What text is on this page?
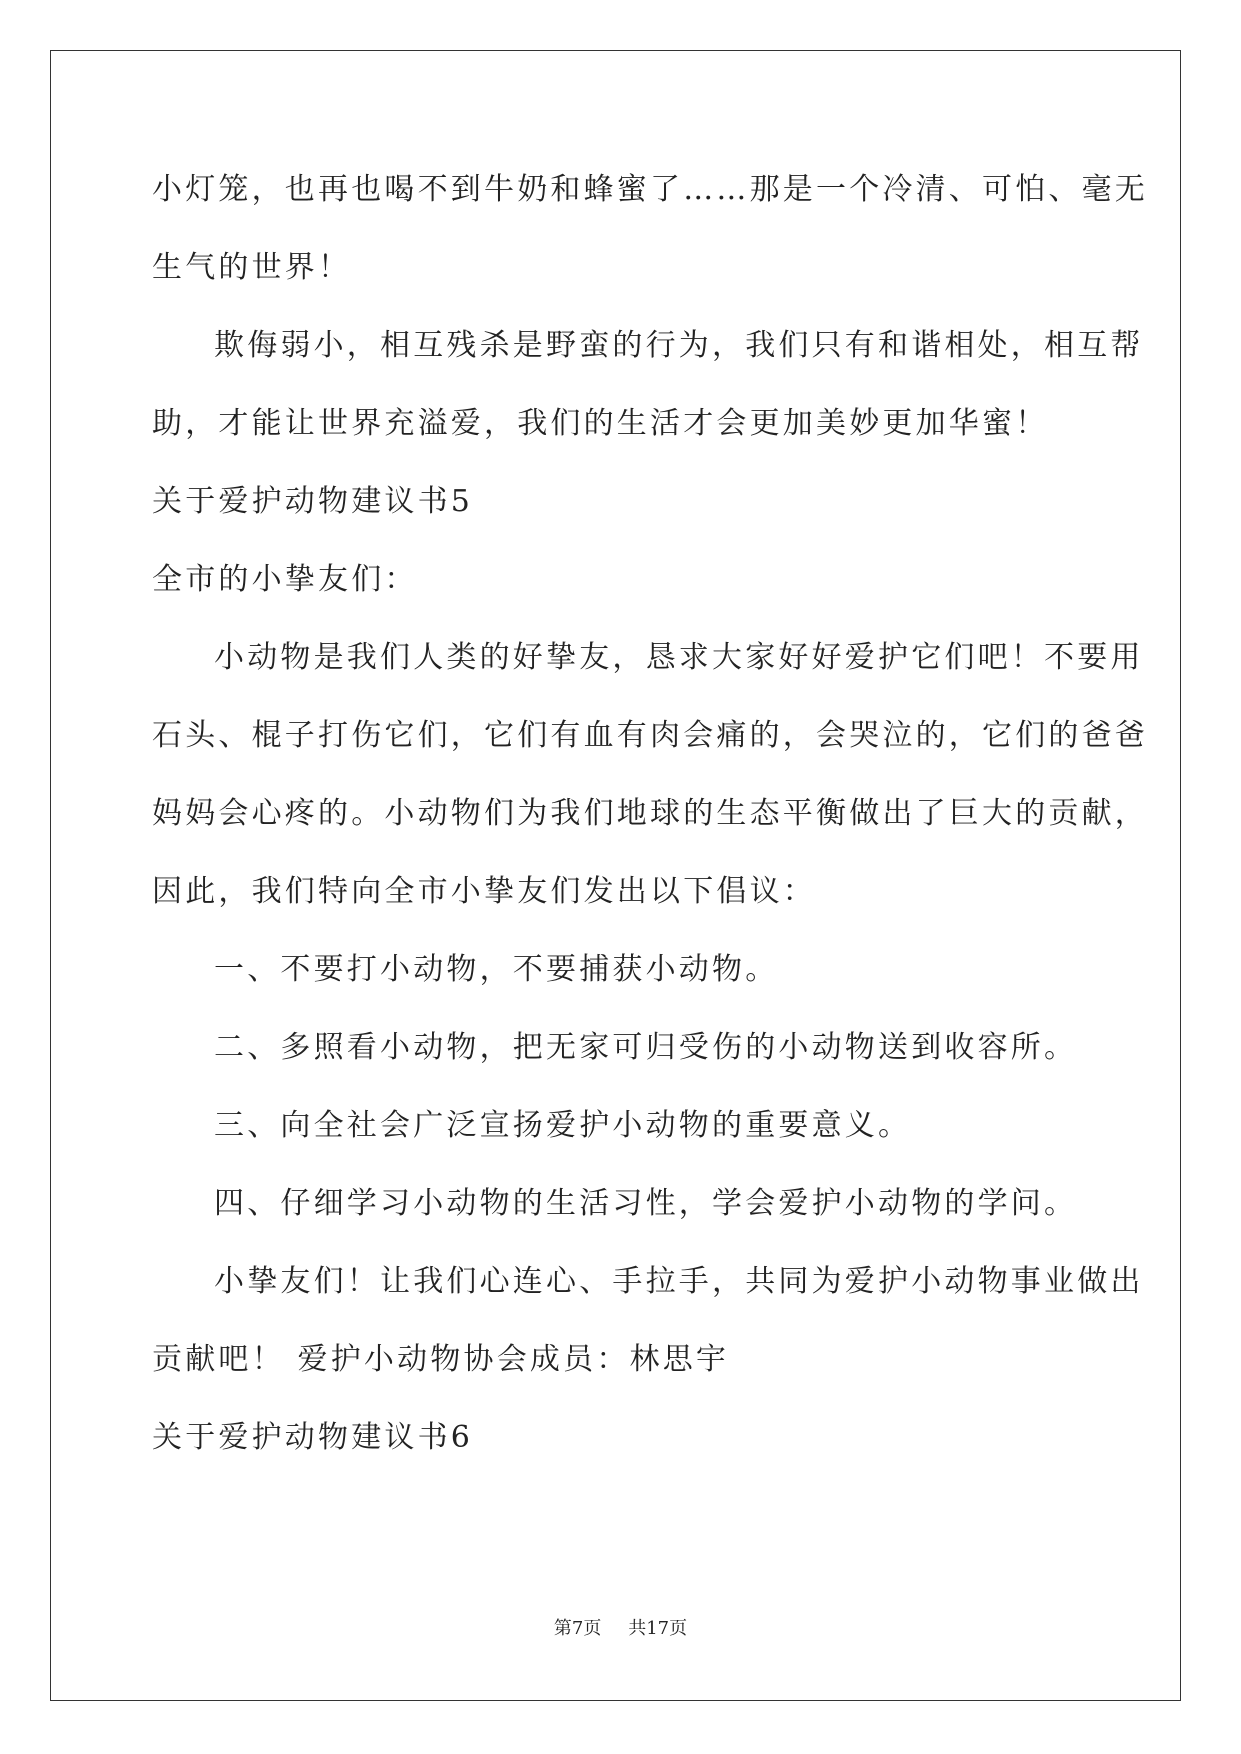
小灯笼，也再也喝不到牛奶和蜂蜜了……那是一个冷清、可怕、毫无
生气的世界！
欺侮弱小，相互残杀是野蛮的行为，我们只有和谐相处，相互帮
助，才能让世界充溢爱，我们的生活才会更加美妙更加华蜜！
关于爱护动物建议书5
全市的小挚友们：
小动物是我们人类的好挚友，恳求大家好好爱护它们吧！不要用
石头、棍子打伤它们，它们有血有肉会痛的，会哭泣的，它们的爸爸
妈妈会心疼的。小动物们为我们地球的生态平衡做出了巨大的贡献，
因此，我们特向全市小挚友们发出以下倡议：
一、不要打小动物，不要捕获小动物。
二、多照看小动物，把无家可归受伤的小动物送到收容所。
三、向全社会广泛宣扬爱护小动物的重要意义。
四、仔细学习小动物的生活习性，学会爱护小动物的学问。
小挚友们！让我们心连心、手拉手，共同为爱护小动物事业做出
贡献吧！ 爱护小动物协会成员：林思宇
关于爱护动物建议书6
第7页 共17页
